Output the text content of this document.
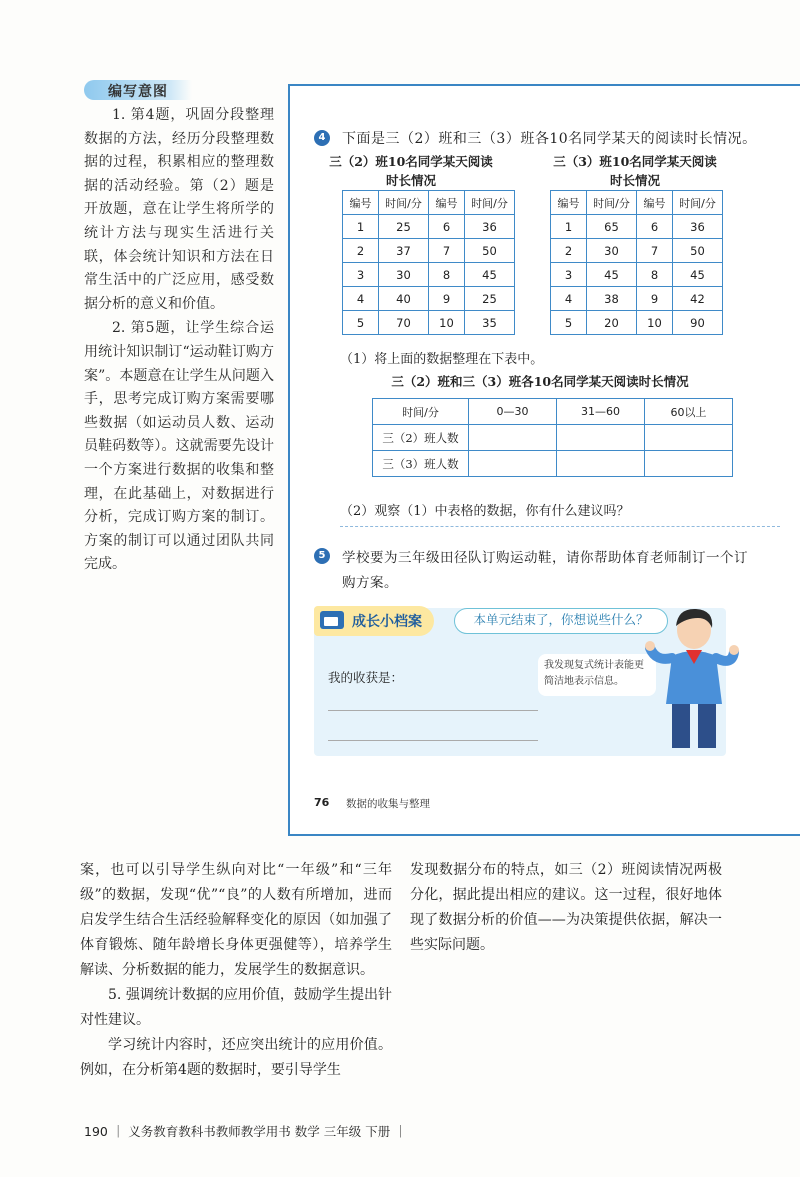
编写意图

1. 第4题，巩固分段整理数据的方法，经历分段整理数据的过程，积累相应的整理数据的活动经验。第（2）题是开放题，意在让学生将所学的统计方法与现实生活进行关联，体会统计知识和方法在日常生活中的广泛应用，感受数据分析的意义和价值。

2. 第5题，让学生综合运用统计知识制订“运动鞋订购方案”。本题意在让学生从问题入手，思考完成订购方案需要哪些数据（如运动员人数、运动员鞋码数等）。这就需要先设计一个方案进行数据的收集和整理，在此基础上，对数据进行分析，完成订购方案的制订。方案的制订可以通过团队共同完成。

4	下面是三（2）班和三（3）班各10名同学某天的阅读时长情况。
三（2）班10名同学某天阅读
时长情况
编号	时间/分	编号	时间/分
1	25	6	36
2	37	7	50
3	30	8	45
4	40	9	25
5	70	10	35
三（3）班10名同学某天阅读
时长情况
编号	时间/分	编号	时间/分
1	65	6	36
2	30	7	50
3	45	8	45
4	38	9	42
5	20	10	90
（1）将上面的数据整理在下表中。
三（2）班和三（3）班各10名同学某天阅读时长情况
时间/分	0—30	31—60	60以上
三（2）班人数			
三（3）班人数			
（2）观察（1）中表格的数据，你有什么建议吗？
5	学校要为三年级田径队订购运动鞋，请你帮助体育老师制订一个订购方案。
成长小档案	本单元结束了，你想说些什么？
我的收获是：
我发现复式统计表能更简洁地表示信息。
76 数据的收集与整理

案，也可以引导学生纵向对比“一年级”和“三年级”的数据，发现“优”“良”的人数有所增加，进而启发学生结合生活经验解释变化的原因（如加强了体育锻炼、随年龄增长身体更强健等），培养学生解读、分析数据的能力，发展学生的数据意识。

5. 强调统计数据的应用价值，鼓励学生提出针对性建议。

学习统计内容时，还应突出统计的应用价值。例如，在分析第4题的数据时，要引导学生

发现数据分布的特点，如三（2）班阅读情况两极分化，据此提出相应的建议。这一过程，很好地体现了数据分析的价值——为决策提供依据，解决一些实际问题。

190 ｜ 义务教育教科书教师教学用书 数学 三年级 下册 ｜
